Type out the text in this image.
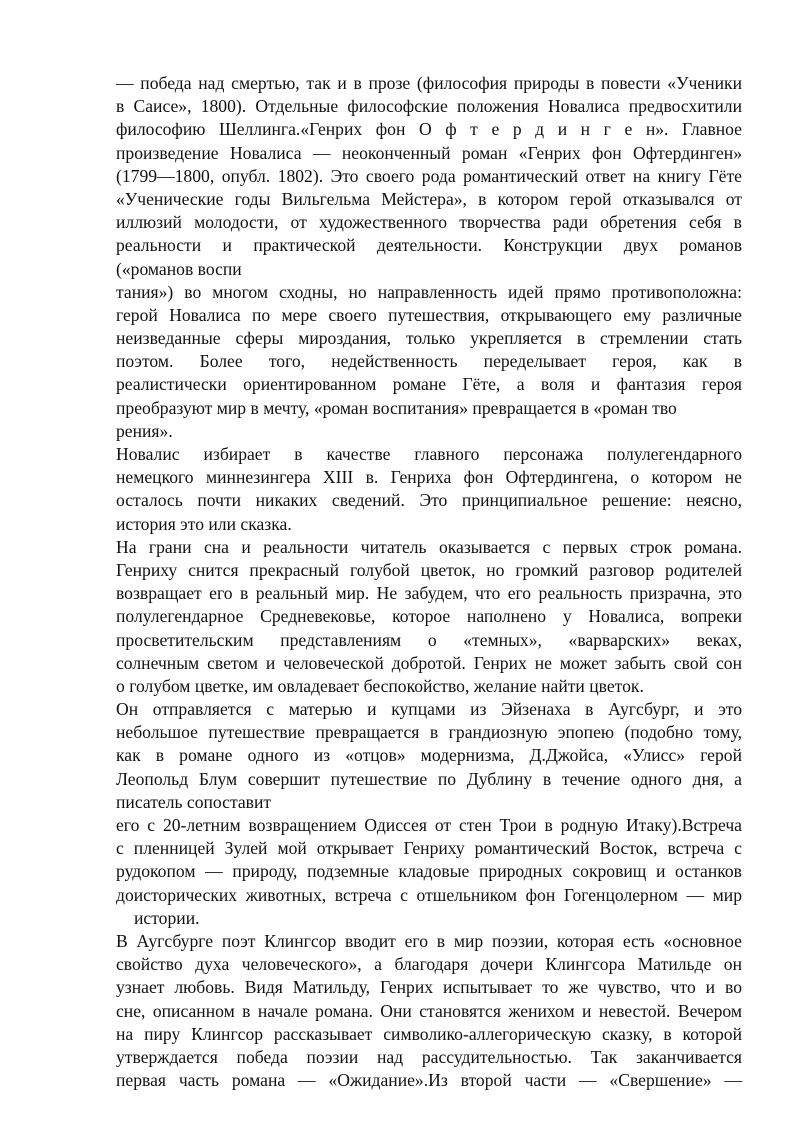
— победа над смертью, так и в прозе (философия природы в повести «Ученики
в Саисе», 1800). Отдельные философские положения Новалиса предвосхитили
философию Шеллинга.«Генрих фон О ф т е р д и н г е н». Главное
произведение Новалиса — неоконченный роман «Генрих фон Офтердинген»
(1799—1800, опубл. 1802). Это своего рода романтический ответ на книгу Гёте
«Ученические годы Вильгельма Мейстера», в котором герой отказывался от
иллюзий молодости, от художественного творчества ради обретения себя в
реальности и практической деятельности. Конструкции двух романов
(«романов воспи
тания») во многом сходны, но направленность идей прямо противоположна:
герой Новалиса по мере своего путешествия, открывающего ему различные
неизведанные сферы мироздания, только укрепляется в стремлении стать
поэтом. Более того, недейственность переделывает героя, как в
реалистически ориентированном романе Гёте, а воля и фантазия героя
преобразуют мир в мечту, «роман воспитания» превращается в «роман тво
рения».
Новалис избирает в качестве главного персонажа полулегендарного
немецкого миннезингера XIII в. Генриха фон Офтердингена, о котором не
осталось почти никаких сведений. Это принципиальное решение: неясно,
история это или сказка.
На грани сна и реальности читатель оказывается с первых строк романа.
Генриху снится прекрасный голубой цветок, но громкий разговор родителей
возвращает его в реальный мир. Не забудем, что его реальность призрачна, это
полулегендарное Средневековье, которое наполнено у Новалиса, вопреки
просветительским представлениям о «темных», «варварских» веках,
солнечным светом и человеческой добротой. Генрих не может забыть свой сон
о голубом цветке, им овладевает беспокойство, желание найти цветок.
Он отправляется с матерью и купцами из Эйзенаха в Аугсбург, и это
небольшое путешествие превращается в грандиозную эпопею (подобно тому,
как в романе одного из «отцов» модернизма, Д.Джойса, «Улисс» герой
Леопольд Блум совершит путешествие по Дублину в течение одного дня, а
писатель сопоставит
его с 20-летним возвращением Одиссея от стен Трои в родную Итаку).Встреча
с пленницей Зулей мой открывает Генриху романтический Восток, встреча с
рудокопом — природу, подземные кладовые природных сокровищ и останков
доисторических животных, встреча с отшельником фон Гогенцолерном — мир
истории.
В Аугсбурге поэт Клингсор вводит его в мир поэзии, которая есть «основное
свойство духа человеческого», а благодаря дочери Клингсора Матильде он
узнает любовь. Видя Матильду, Генрих испытывает то же чувство, что и во
сне, описанном в начале романа. Они становятся женихом и невестой. Вечером
на пиру Клингсор рассказывает символико-аллегорическую сказку, в которой
утверждается победа поэзии над рассудительностью. Так заканчивается
первая часть романа — «Ожидание».Из второй части — «Свершение» —
